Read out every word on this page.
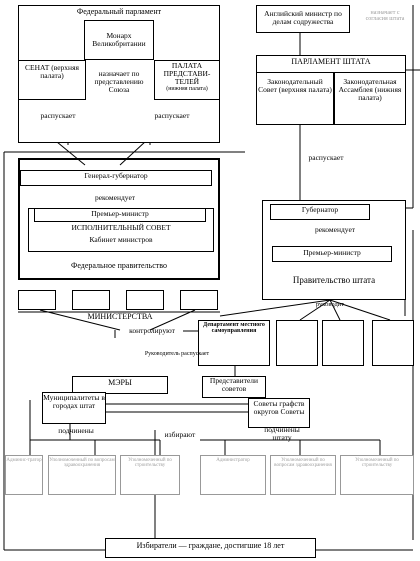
Федеральный парламент
СЕНАТ (верхняя палата)
Монарх Великобритании
назначает по представлению Союза
ПАЛАТА ПРЕДСТАВИ-ТЕЛЕЙ
(нижняя палата)
распускает	распускает
Английский министр по делам содружества
назначает с согласия штата
ПАРЛАМЕНТ ШТАТА
Законодательный Совет (верхняя палата)
Законодательная Ассамблея (нижняя палата)
распускает
Генерал-губернатор
рекомендует
Премьер-министр
ИСПОЛНИТЕЛЬНЫЙ СОВЕТ
Кабинет министров
Федеральное правительство
Губернатор
рекомендует
Премьер-министр
Правительство штата
руководит
МИНИСТЕРСТВА
контролируют
Департамент местного самоуправления
Руководитель распускает
МЭРЫ
Муниципалитеты в городах штат
Представители советов
Советы графств округов Советы
подчинены	подчинены штату
избирают
Админис-тратор Уполномоченный по вопросам здравоохранения
Уполномоченный по строительству
Администратор	Уполномоченный по вопросам здравоохранения
Уполномоченный по строительству
Избиратели — граждане, достигшие 18 лет
